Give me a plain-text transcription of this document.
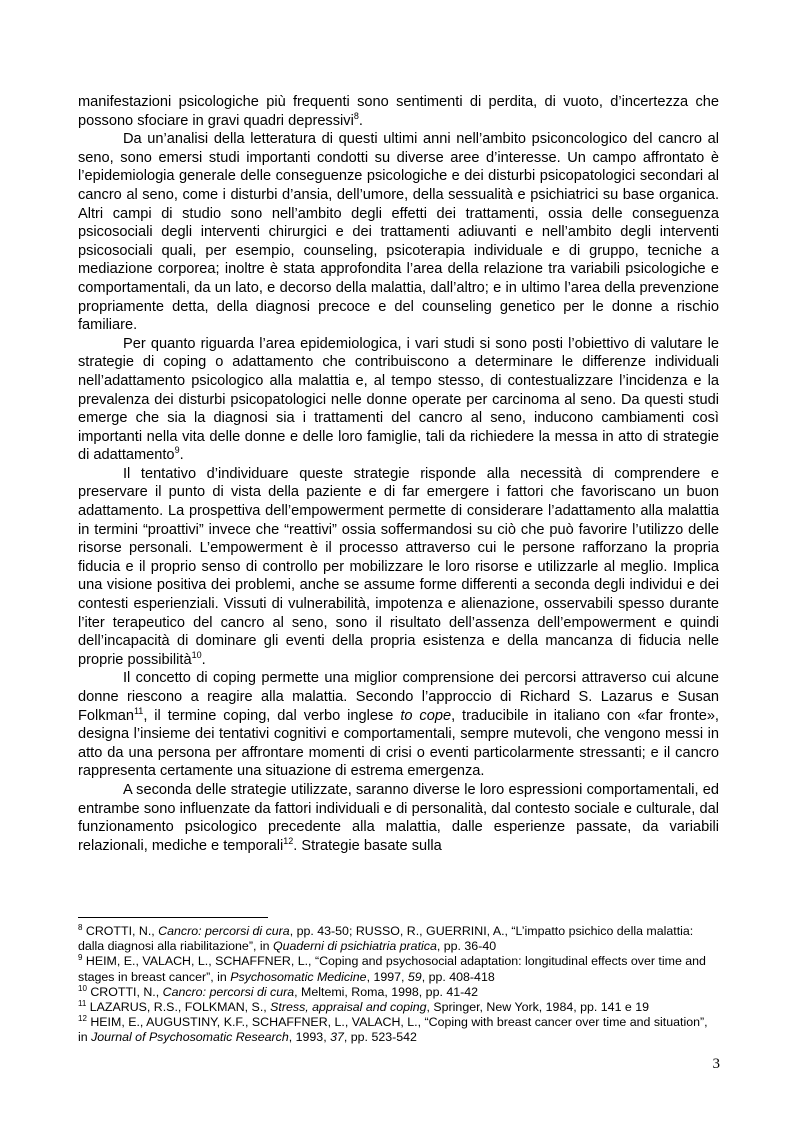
manifestazioni psicologiche più frequenti sono sentimenti di perdita, di vuoto, d’incertezza che possono sfociare in gravi quadri depressivi$^8$.

Da un’analisi della letteratura di questi ultimi anni nell’ambito psiconcologico del cancro al seno, sono emersi studi importanti condotti su diverse aree d’interesse. Un campo affrontato è l’epidemiologia generale delle conseguenze psicologiche e dei disturbi psicopatologici secondari al cancro al seno, come i disturbi d’ansia, dell’umore, della sessualità e psichiatrici su base organica.       Altri campi di studio sono nell’ambito degli effetti dei trattamenti, ossia delle conseguenza psicosociali degli interventi chirurgici e dei trattamenti adiuvanti e nell’ambito degli interventi psicosociali quali, per esempio, counseling, psicoterapia individuale e di gruppo, tecniche a mediazione corporea; inoltre è stata approfondita l’area della relazione tra variabili psicologiche e comportamentali, da un lato, e decorso della malattia, dall’altro; e in ultimo l’area della prevenzione propriamente detta, della diagnosi precoce e del counseling genetico per le donne a rischio familiare.

Per quanto riguarda l’area epidemiologica, i vari studi si sono posti l’obiettivo di valutare le strategie di coping o adattamento che contribuiscono a determinare le differenze individuali nell’adattamento psicologico alla malattia e, al tempo stesso, di contestualizzare l’incidenza e la prevalenza dei disturbi psicopatologici nelle donne operate per carcinoma al seno. Da questi studi emerge che sia la diagnosi sia i trattamenti del cancro al seno, inducono cambiamenti così importanti nella vita delle donne e delle loro famiglie, tali da richiedere la messa in atto di strategie di adattamento$^9$.

Il tentativo d’individuare queste strategie risponde alla necessità di comprendere e preservare il punto di vista della paziente e di far emergere i fattori che favoriscano un buon adattamento. La prospettiva dell’empowerment permette di considerare l’adattamento alla malattia in termini “proattivi” invece che “reattivi” ossia soffermandosi su ciò che può favorire l’utilizzo delle risorse personali. L’empowerment è il processo attraverso cui le persone rafforzano la propria fiducia e il proprio senso di controllo per mobilizzare le loro risorse e utilizzarle al meglio. Implica una visione positiva dei problemi, anche se assume forme differenti a seconda degli individui e dei contesti esperienziali. Vissuti di vulnerabilità, impotenza e alienazione, osservabili spesso durante l’iter terapeutico del cancro al seno, sono il risultato dell’assenza dell’empowerment e quindi dell’incapacità di dominare gli eventi della propria esistenza e della mancanza di fiducia nelle proprie possibilità$^{10}$.

Il concetto di coping permette una miglior comprensione dei percorsi attraverso cui alcune donne riescono a reagire alla malattia. Secondo l’approccio di Richard S. Lazarus e Susan Folkman$^{11}$, il termine coping, dal verbo inglese to cope, traducibile in italiano con «far fronte», designa l’insieme dei tentativi cognitivi e comportamentali, sempre mutevoli, che vengono messi in atto da una persona per affrontare momenti di crisi o eventi particolarmente stressanti; e il cancro rappresenta certamente una situazione di estrema emergenza.

A seconda delle strategie utilizzate, saranno diverse le loro espressioni comportamentali, ed entrambe sono influenzate da fattori individuali e di personalità, dal contesto sociale e culturale, dal funzionamento psicologico precedente alla malattia, dalle esperienze passate, da variabili relazionali, mediche e temporali$^{12}$. Strategie basate sulla

$^8$ CROTTI, N., Cancro: percorsi di cura, pp. 43-50; RUSSO, R., GUERRINI, A., “L’impatto psichico della malattia: dalla diagnosi alla riabilitazione”, in Quaderni di psichiatria pratica, pp. 36-40

$^9$ HEIM, E., VALACH, L., SCHAFFNER, L., “Coping and psychosocial adaptation: longitudinal effects over time and stages in breast cancer”, in Psychosomatic Medicine, 1997, 59, pp. 408-418

$^{10}$ CROTTI, N., Cancro: percorsi di cura, Meltemi, Roma, 1998, pp. 41-42

$^{11}$ LAZARUS, R.S., FOLKMAN, S., Stress, appraisal and coping, Springer, New York, 1984, pp. 141 e 19

$^{12}$ HEIM, E., AUGUSTINY, K.F., SCHAFFNER, L., VALACH, L., “Coping with breast cancer over time and situation”, in Journal of Psychosomatic Research, 1993, 37, pp. 523-542

3
